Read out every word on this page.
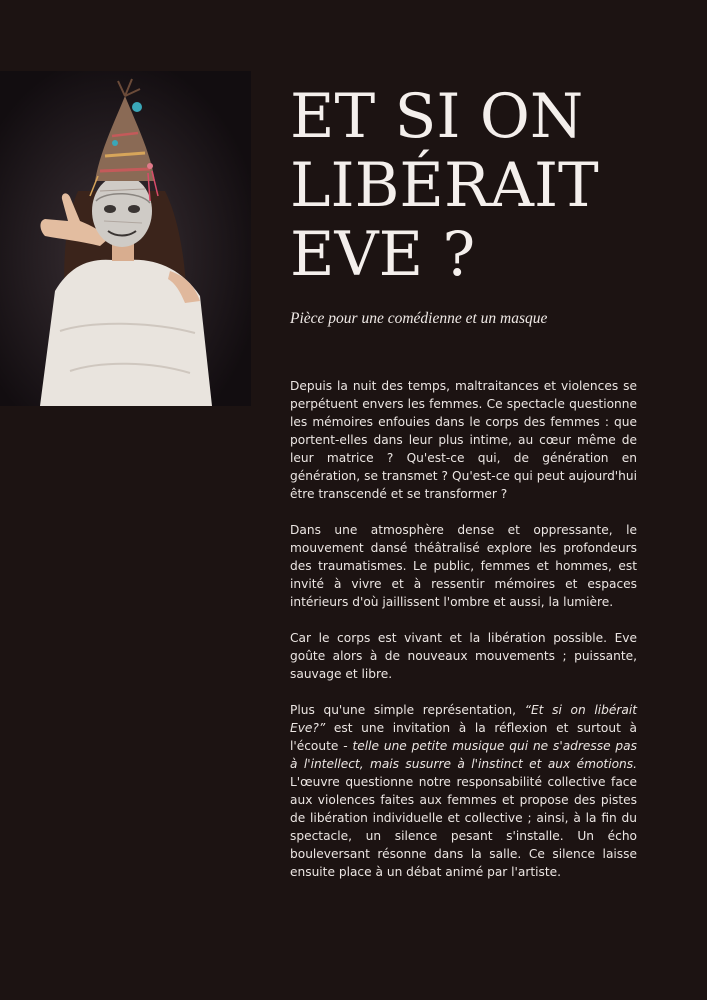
ET SI ON
LIBÉRAIT
EVE ?

Pièce pour une comédienne et un masque

Depuis la nuit des temps, maltraitances et violences se perpétuent envers les femmes. Ce spectacle questionne les mémoires enfouies dans le corps des femmes : que portent-elles dans leur plus intime, au cœur même de leur matrice ? Qu'est-ce qui, de génération en génération, se transmet ? Qu'est-ce qui peut aujourd'hui être transcendé et se transformer ?

Dans une atmosphère dense et oppressante, le mouvement dansé théâtralisé explore les profondeurs des traumatismes. Le public, femmes et hommes, est invité à vivre et à ressentir mémoires et espaces intérieurs d'où jaillissent l'ombre et aussi, la lumière.

Car le corps est vivant et la libération possible. Eve goûte alors à de nouveaux mouvements ; puissante, sauvage et libre.

Plus qu'une simple représentation, “Et si on libérait Eve?” est une invitation à la réflexion et surtout à l'écoute - telle une petite musique qui ne s'adresse pas à l'intellect, mais susurre à l'instinct et aux émotions. L'œuvre questionne notre responsabilité collective face aux violences faites aux femmes et propose des pistes de libération individuelle et collective ; ainsi, à la fin du spectacle, un silence pesant s'installe. Un écho bouleversant résonne dans la salle. Ce silence laisse ensuite place à un débat animé par l'artiste.
